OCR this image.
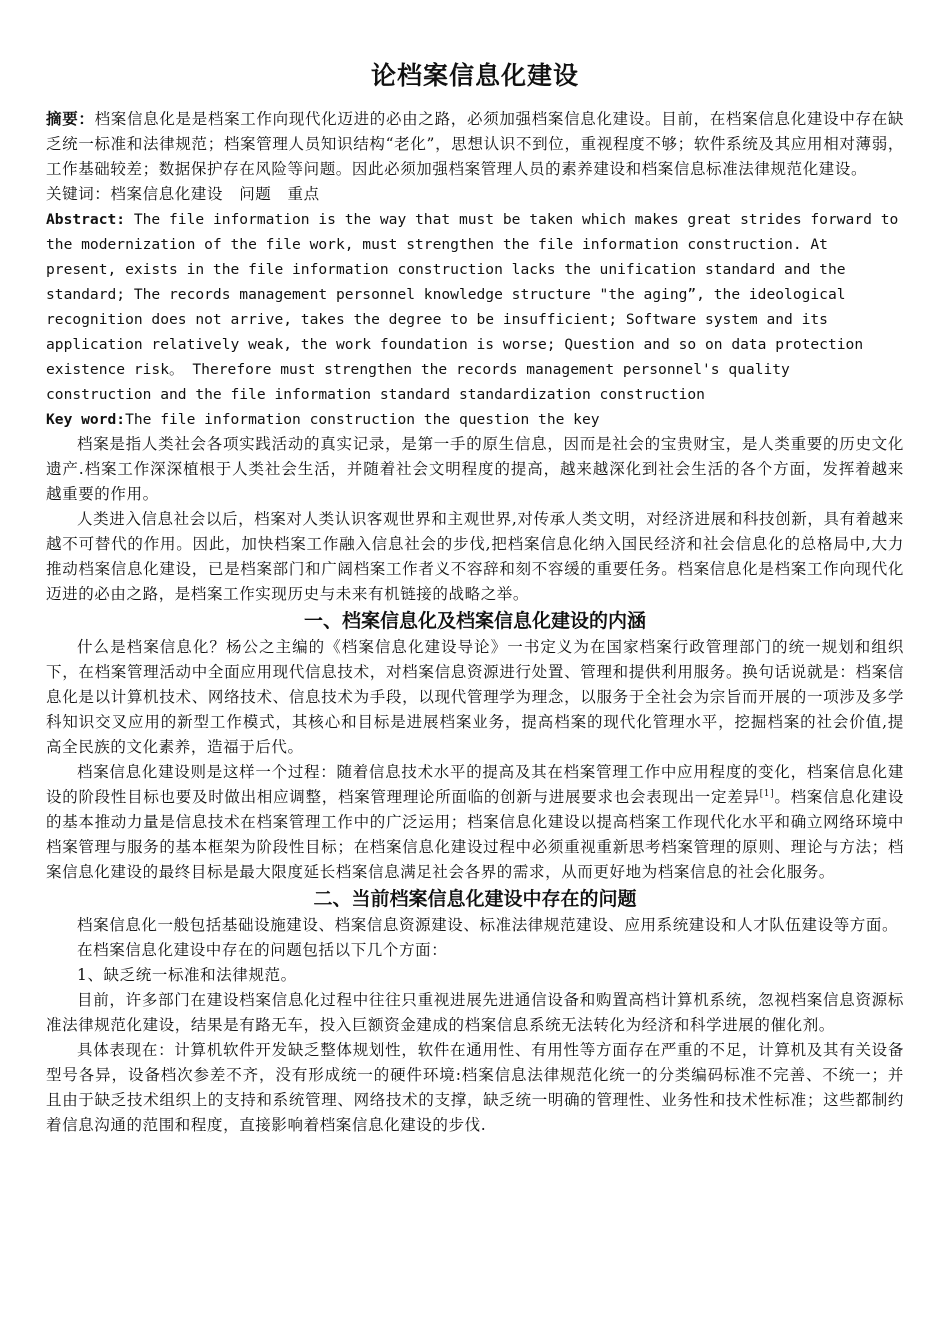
论档案信息化建设

摘要：档案信息化是是档案工作向现代化迈进的必由之路，必须加强档案信息化建设。目前，在档案信息化建设中存在缺乏统一标准和法律规范；档案管理人员知识结构“老化”，思想认识不到位，重视程度不够；软件系统及其应用相对薄弱，工作基础较差；数据保护存在风险等问题。因此必须加强档案管理人员的素养建设和档案信息标准法律规范化建设。

关键词：档案信息化建设　问题　重点

Abstract: The file information is the way that must be taken which makes great strides forward to the modernization of the file work, must strengthen the file information construction. At present, exists in the file information construction lacks the unification standard and the standard; The records management personnel knowledge structure "the aging”, the ideological recognition does not arrive, takes the degree to be insufficient; Software system and its application relatively weak, the work foundation is worse; Question and so on data protection existence risk。 Therefore must strengthen the records management personnel's quality construction and the file information standard standardization construction

Key word:The file information construction the question the key

档案是指人类社会各项实践活动的真实记录，是第一手的原生信息，因而是社会的宝贵财宝，是人类重要的历史文化遗产.档案工作深深植根于人类社会生活，并随着社会文明程度的提高，越来越深化到社会生活的各个方面，发挥着越来越重要的作用。

人类进入信息社会以后，档案对人类认识客观世界和主观世界,对传承人类文明，对经济进展和科技创新，具有着越来越不可替代的作用。因此，加快档案工作融入信息社会的步伐,把档案信息化纳入国民经济和社会信息化的总格局中,大力推动档案信息化建设，已是档案部门和广阔档案工作者义不容辞和刻不容缓的重要任务。档案信息化是档案工作向现代化迈进的必由之路，是档案工作实现历史与未来有机链接的战略之举。

一、档案信息化及档案信息化建设的内涵

什么是档案信息化？杨公之主编的《档案信息化建设导论》一书定义为在国家档案行政管理部门的统一规划和组织下，在档案管理活动中全面应用现代信息技术，对档案信息资源进行处置、管理和提供利用服务。换句话说就是：档案信息化是以计算机技术、网络技术、信息技术为手段，以现代管理学为理念，以服务于全社会为宗旨而开展的一项涉及多学科知识交叉应用的新型工作模式，其核心和目标是进展档案业务，提高档案的现代化管理水平，挖掘档案的社会价值,提高全民族的文化素养，造福于后代。

档案信息化建设则是这样一个过程：随着信息技术水平的提高及其在档案管理工作中应用程度的变化，档案信息化建设的阶段性目标也要及时做出相应调整，档案管理理论所面临的创新与进展要求也会表现出一定差异[1]。档案信息化建设的基本推动力量是信息技术在档案管理工作中的广泛运用；档案信息化建设以提高档案工作现代化水平和确立网络环境中档案管理与服务的基本框架为阶段性目标；在档案信息化建设过程中必须重视重新思考档案管理的原则、理论与方法；档案信息化建设的最终目标是最大限度延长档案信息满足社会各界的需求，从而更好地为档案信息的社会化服务。

二、当前档案信息化建设中存在的问题

档案信息化一般包括基础设施建设、档案信息资源建设、标准法律规范建设、应用系统建设和人才队伍建设等方面。

在档案信息化建设中存在的问题包括以下几个方面：

1、缺乏统一标准和法律规范。

目前，许多部门在建设档案信息化过程中往往只重视进展先进通信设备和购置高档计算机系统，忽视档案信息资源标准法律规范化建设，结果是有路无车，投入巨额资金建成的档案信息系统无法转化为经济和科学进展的催化剂。

具体表现在：计算机软件开发缺乏整体规划性，软件在通用性、有用性等方面存在严重的不足，计算机及其有关设备型号各异，设备档次参差不齐，没有形成统一的硬件环境:档案信息法律规范化统一的分类编码标准不完善、不统一；并且由于缺乏技术组织上的支持和系统管理、网络技术的支撑，缺乏统一明确的管理性、业务性和技术性标准；这些都制约着信息沟通的范围和程度，直接影响着档案信息化建设的步伐.
